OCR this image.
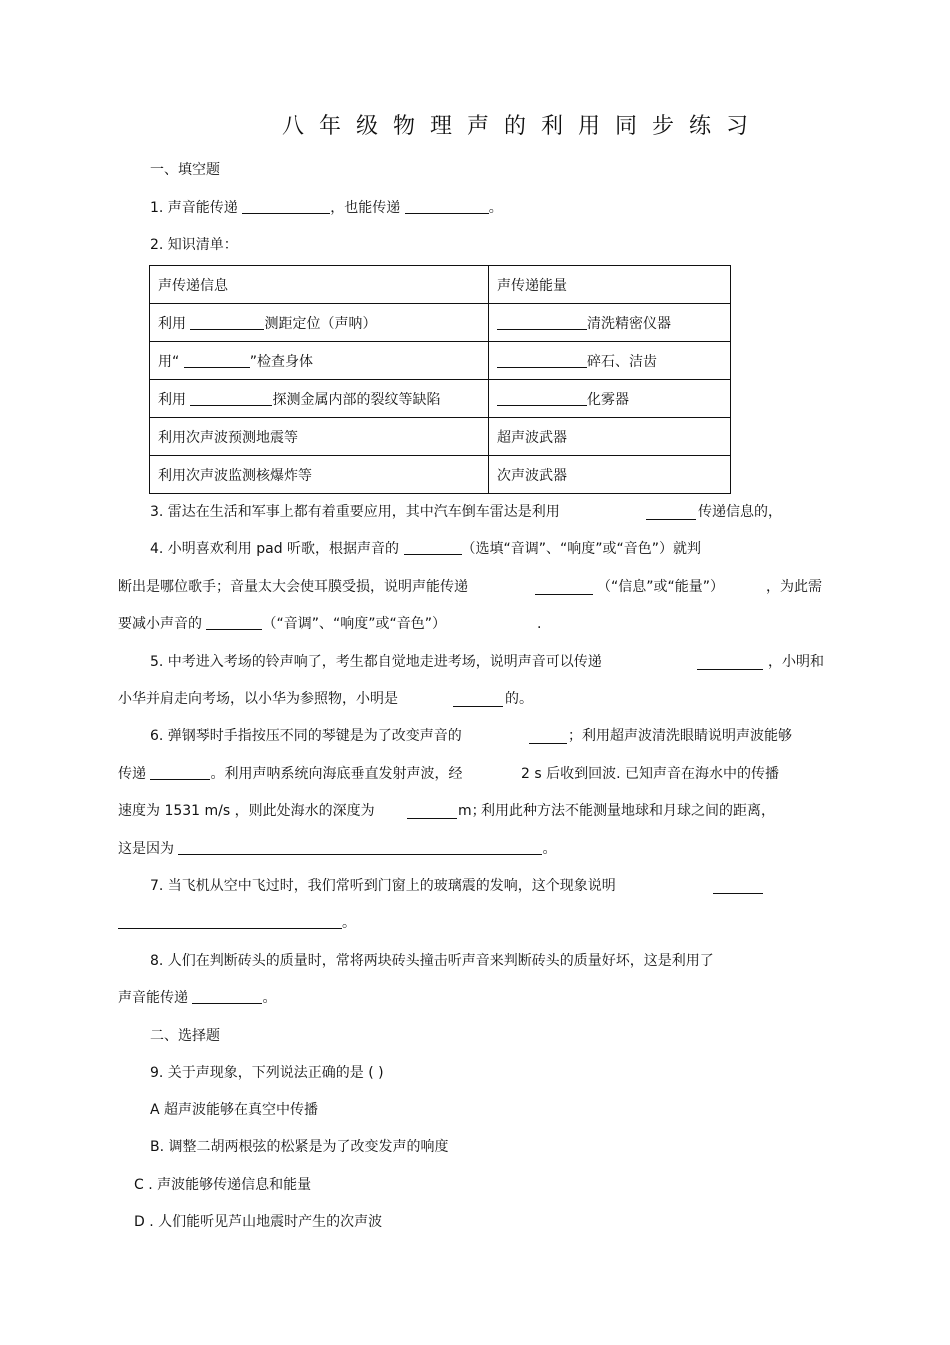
八年级物理声的利用同步练习
一、填空题
1. 声音能传递	，也能传递	。
2. 知识清单：
声传递信息	声传递能量
利用 测距定位（声呐）	清洗精密仪器
用“ ”检查身体	碎石、洁齿
利用 探测金属内部的裂纹等缺陷	化雾器
利用次声波预测地震等	超声波武器
利用次声波监测核爆炸等	次声波武器
3. 雷达在生活和军事上都有着重要应用，其中汽车倒车雷达是利用	传递信息的，
4. 小明喜欢利用 pad 听歌，根据声音的	（选填“音调”、“响度”或“音色”）就判
断出是哪位歌手；音量太大会使耳膜受损，说明声能传递	（“信息”或“能量”）	，为此需
要减小声音的	（“音调”、“响度”或“音色”）	.
5. 中考进入考场的铃声响了，考生都自觉地走进考场，说明声音可以传递	，小明和
小华并肩走向考场，以小华为参照物，小明是	的。
6. 弹钢琴时手指按压不同的琴键是为了改变声音的	；利用超声波清洗眼睛说明声波能够
传递	。利用声呐系统向海底垂直发射声波，经	2 s 后收到回波. 已知声音在海水中的传播
速度为 1531 m/s ，则此处海水的深度为	m；
利用此种方法不能测量地球和月球之间的距离，
这是因为	。
7. 当飞机从空中飞过时，我们常听到门窗上的玻璃震的发响，这个现象说明
。
8. 人们在判断砖头的质量时，常将两块砖头撞击听声音来判断砖头的质量好坏，这是利用了
声音能传递	。
二、选择题
9. 关于声现象，下列说法正确的是 ( )
A 超声波能够在真空中传播
B. 调整二胡两根弦的松紧是为了改变发声的响度
C . 声波能够传递信息和能量
D . 人们能听见芦山地震时产生的次声波
